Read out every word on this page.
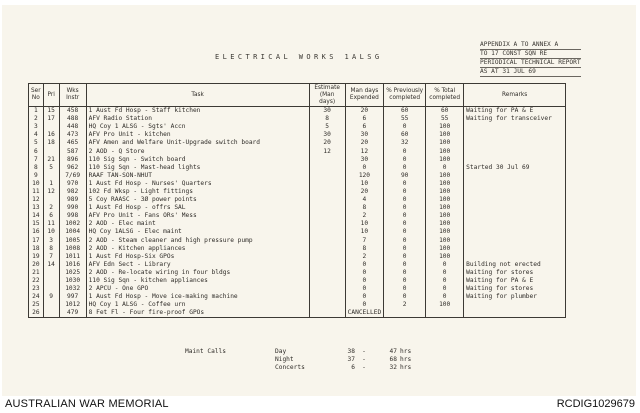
ELECTRICAL WORKS 1ALSG
APPENDIX A TO ANNEX A
TO 17 CONST SQN RE
PERIODICAL TECHNICAL REPORT
AS AT 31 JUL 69
Ser No	Pri	Wks Instr	Task	Estimate (Man days)	Man days Expended	% Previously completed	% Total completed	Remarks
1	15	458	1 Aust Fd Hosp - Staff kitchen	30	20	60	60	Waiting for PA & E
2	17	488	AFV Radio Station	8	6	55	55	Waiting for transceiver
3		448	HQ Coy 1 ALSG - Sgts' Accn	5	6	0	100	
4	16	473	AFV Pro Unit - kitchen	30	30	60	100	
5	18	465	AFV Amen and Welfare Unit-Upgrade switch board	20	20	32	100	
6		587	2 AOD - Q Store	12	12	0	100	
7	21	896	110 Sig Sqn - Switch board		30	0	100	
8	5	962	110 Sig Sqn - Mast-head lights		0	0	0	Started 30 Jul 69
9		7/69	RAAF TAN-SON-NHUT		120	90	100	
10	1	970	1 Aust Fd Hosp - Nurses' Quarters		10	0	100	
11	12	982	102 Fd Wksp - Light fittings		20	0	100	
12		989	5 Coy RAASC - 3Ø power points		4	0	100	
13	2	990	1 Aust Fd Hosp - offrs SAL		8	0	100	
14	6	998	AFV Pro Unit - Fans ORs' Mess		2	0	100	
15	11	1002	2 AOD - Elec maint		10	0	100	
16	10	1004	HQ Coy 1ALSG - Elec maint		10	0	100	
17	3	1005	2 AOD - Steam cleaner and high pressure pump		7	0	100	
18	8	1008	2 AOD - Kitchen appliances		8	0	100	
19	7	1011	1 Aust Fd Hosp-Six GPOs		2	0	100	
20	14	1016	AFV Edn Sect - Library		0	0	0	Building not erected
21		1025	2 AOD - Re-locate wiring in four bldgs		0	0	0	Waiting for stores
22		1030	110 Sig Sqn - kitchen appliances		0	0	0	Waiting for PA & E
23		1032	2 APCU - One GPO		0	0	0	Waiting for stores
24	9	997	1 Aust Fd Hosp - Move ice-making machine		0	0	0	Waiting for plumber
25		1012	HQ Coy 1 ALSG - Coffee urn		0	2	100	
26		479	8 Fet Fl - Four fire-proof GPOs		CANCELLED			
Maint Calls	Day	38	-	47 hrs
Night	37	-	68 hrs
Concerts	6	-	32 hrs
AUSTRALIAN WAR MEMORIAL	RCDIG1029679
